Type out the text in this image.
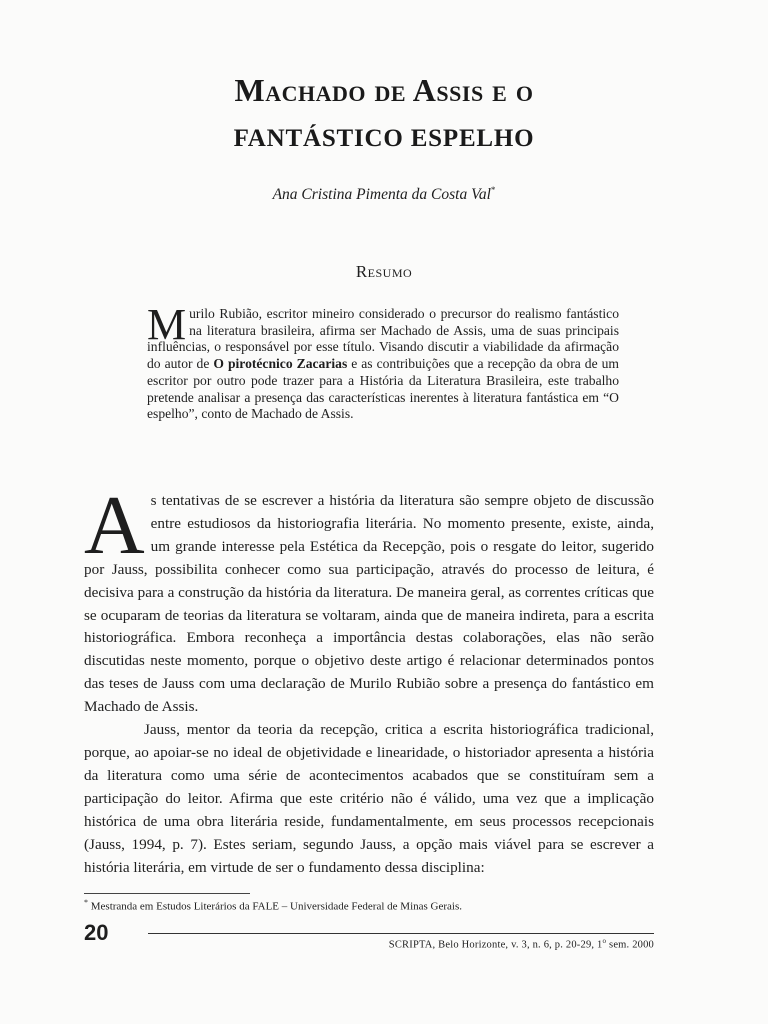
Machado de Assis e o
FANTÁSTICO ESPELHO
Ana Cristina Pimenta da Costa Val*
Resumo
Murilo Rubião, escritor mineiro considerado o precursor do realismo fantástico na literatura brasileira, afirma ser Machado de Assis, uma de suas principais influências, o responsável por esse título. Visando discutir a viabilidade da afirmação do autor de O pirotécnico Zacarias e as contribuições que a recepção da obra de um escritor por outro pode trazer para a História da Literatura Brasileira, este trabalho pretende analisar a presença das características inerentes à literatura fantástica em “O espelho”, conto de Machado de Assis.

As tentativas de se escrever a história da literatura são sempre objeto de discussão entre estudiosos da historiografia literária. No momento presente, existe, ainda, um grande interesse pela Estética da Recepção, pois o resgate do leitor, sugerido por Jauss, possibilita conhecer como sua participação, através do processo de leitura, é decisiva para a construção da história da literatura. De maneira geral, as correntes críticas que se ocuparam de teorias da literatura se voltaram, ainda que de maneira indireta, para a escrita historiográfica. Embora reconheça a importância destas colaborações, elas não serão discutidas neste momento, porque o objetivo deste artigo é relacionar determinados pontos das teses de Jauss com uma declaração de Murilo Rubião sobre a presença do fantástico em Machado de Assis.

Jauss, mentor da teoria da recepção, critica a escrita historiográfica tradicional, porque, ao apoiar-se no ideal de objetividade e linearidade, o historiador apresenta a história da literatura como uma série de acontecimentos acabados que se constituíram sem a participação do leitor. Afirma que este critério não é válido, uma vez que a implicação histórica de uma obra literária reside, fundamentalmente, em seus processos recepcionais (Jauss, 1994, p. 7). Estes seriam, segundo Jauss, a opção mais viável para se escrever a história literária, em virtude de ser o fundamento dessa disciplina:

* Mestranda em Estudos Literários da FALE – Universidade Federal de Minas Gerais.
20	SCRIPTA, Belo Horizonte, v. 3, n. 6, p. 20-29, 1$^o$ sem. 2000
